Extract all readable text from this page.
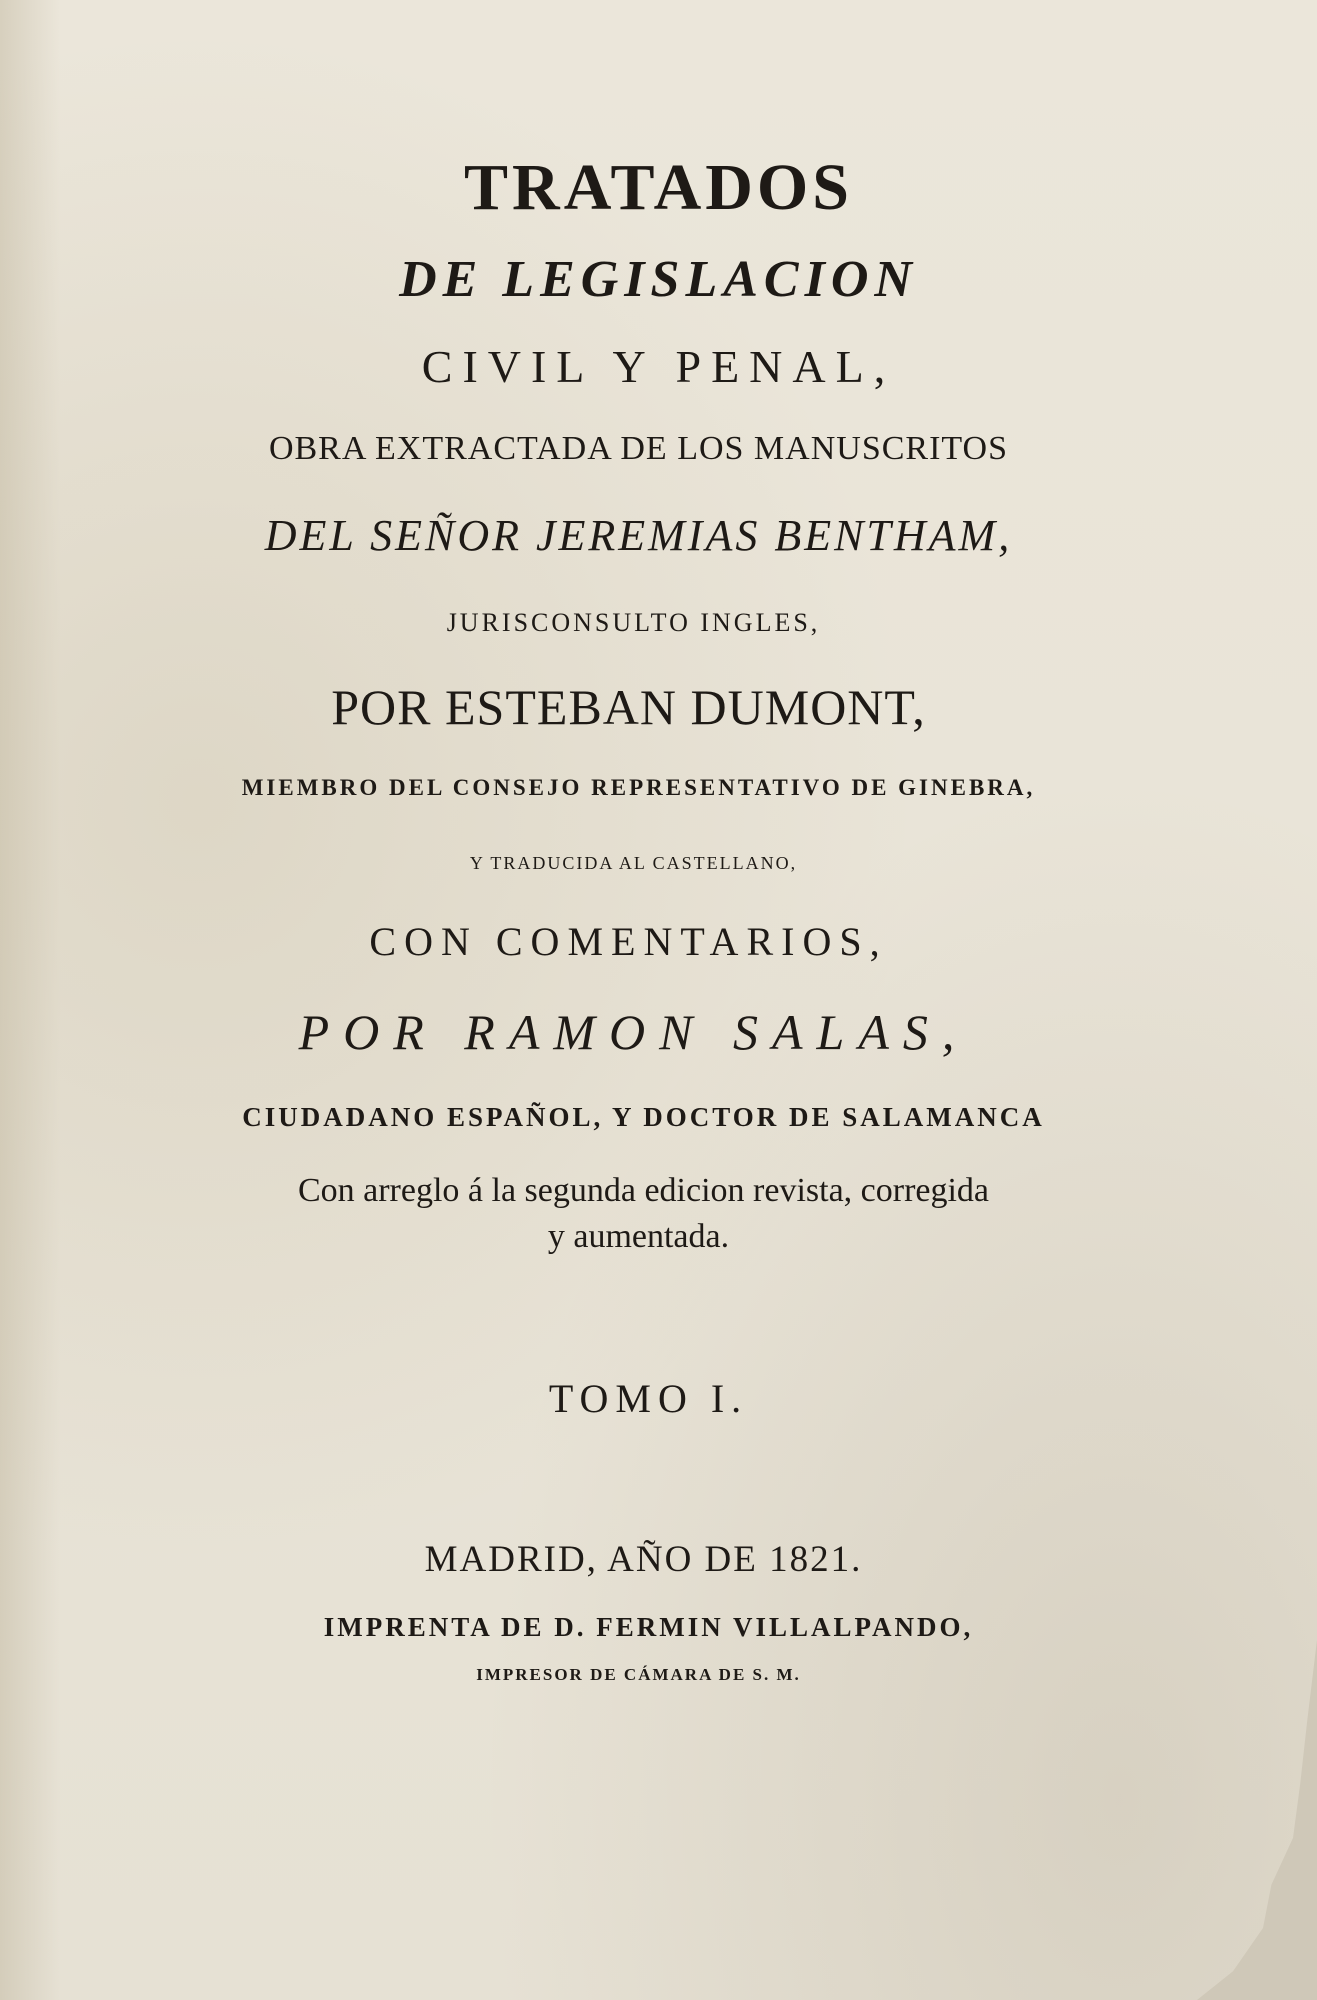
TRATADOS
DE LEGISLACION
CIVIL Y PENAL,
OBRA EXTRACTADA DE LOS MANUSCRITOS
DEL SEÑOR JEREMIAS BENTHAM,
JURISCONSULTO INGLES,
POR ESTEBAN DUMONT,
MIEMBRO DEL CONSEJO REPRESENTATIVO DE GINEBRA,
Y TRADUCIDA AL CASTELLANO,
CON COMENTARIOS,
POR RAMON SALAS,
CIUDADANO ESPAÑOL, Y DOCTOR DE SALAMANCA
Con arreglo á la segunda edicion revista, corregida
y aumentada.
TOMO I.
MADRID, AÑO DE 1821.
IMPRENTA DE D. FERMIN VILLALPANDO,
IMPRESOR DE CÁMARA DE S. M.
